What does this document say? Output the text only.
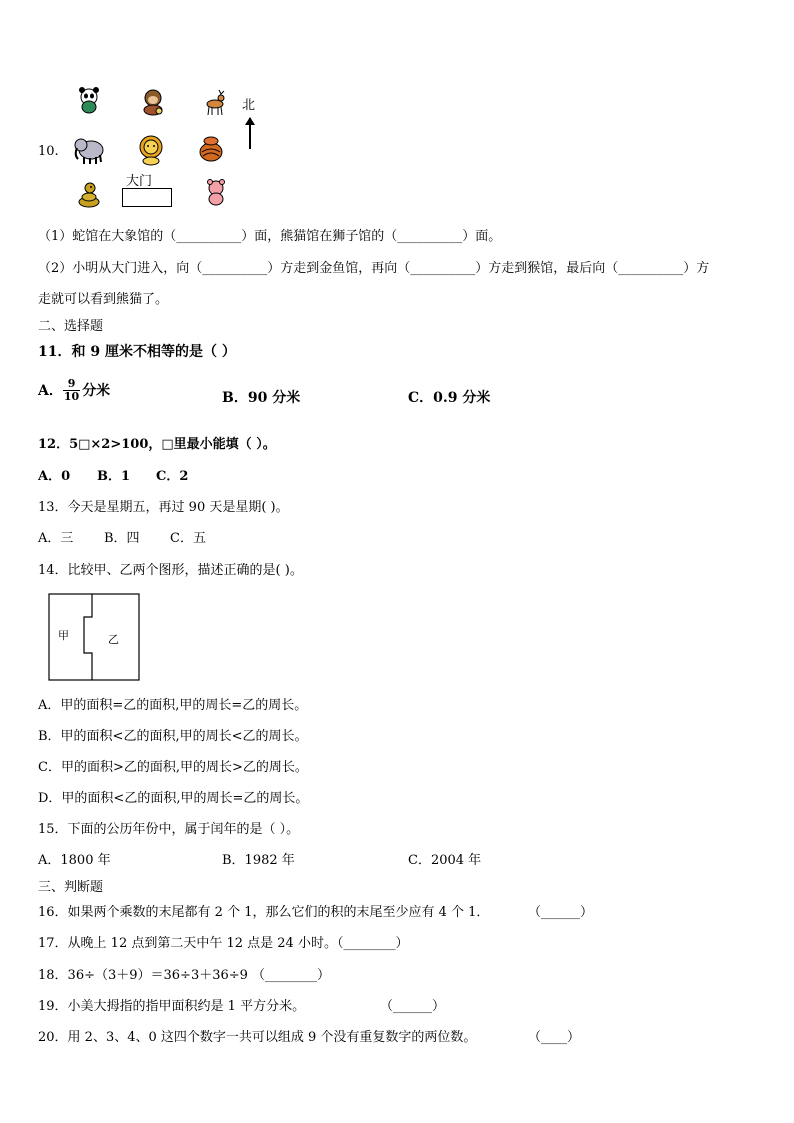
10.
北
大门
（1）蛇馆在大象馆的（__________）面，熊猫馆在狮子馆的（__________）面。
（2）小明从大门进入，向（__________）方走到金鱼馆，再向（__________）方走到猴馆，最后向（__________）方
走就可以看到熊猫了。
二、选择题
11．和 9 厘米不相等的是（ ）
A． $\frac{9}{10}$ 分米	B．90 分米	C．0.9 分米
12．5□×2>100，□里最小能填（ ）。
A．0 B．1 C．2
13．今天是星期五，再过 90 天是星期( )。
A．三 B．四 C．五
14．比较甲、乙两个图形，描述正确的是( )。
甲	乙
A．甲的面积=乙的面积,甲的周长=乙的周长。
B．甲的面积<乙的面积,甲的周长<乙的周长。
C．甲的面积>乙的面积,甲的周长>乙的周长。
D．甲的面积<乙的面积,甲的周长=乙的周长。
15．下面的公历年份中，属于闰年的是（ ）。
A．1800 年	B．1982 年	C．2004 年
三、判断题
16．如果两个乘数的末尾都有 2 个 1，那么它们的积的末尾至少应有 4 个 1．	（______）
17．从晚上 12 点到第二天中午 12 点是 24 小时。（________）
18．36÷（3＋9）＝36÷3＋36÷9 （________）
19．小美大拇指的指甲面积约是 1 平方分米。	（______）
20．用 2、3、4、0 这四个数字一共可以组成 9 个没有重复数字的两位数。	（____）
